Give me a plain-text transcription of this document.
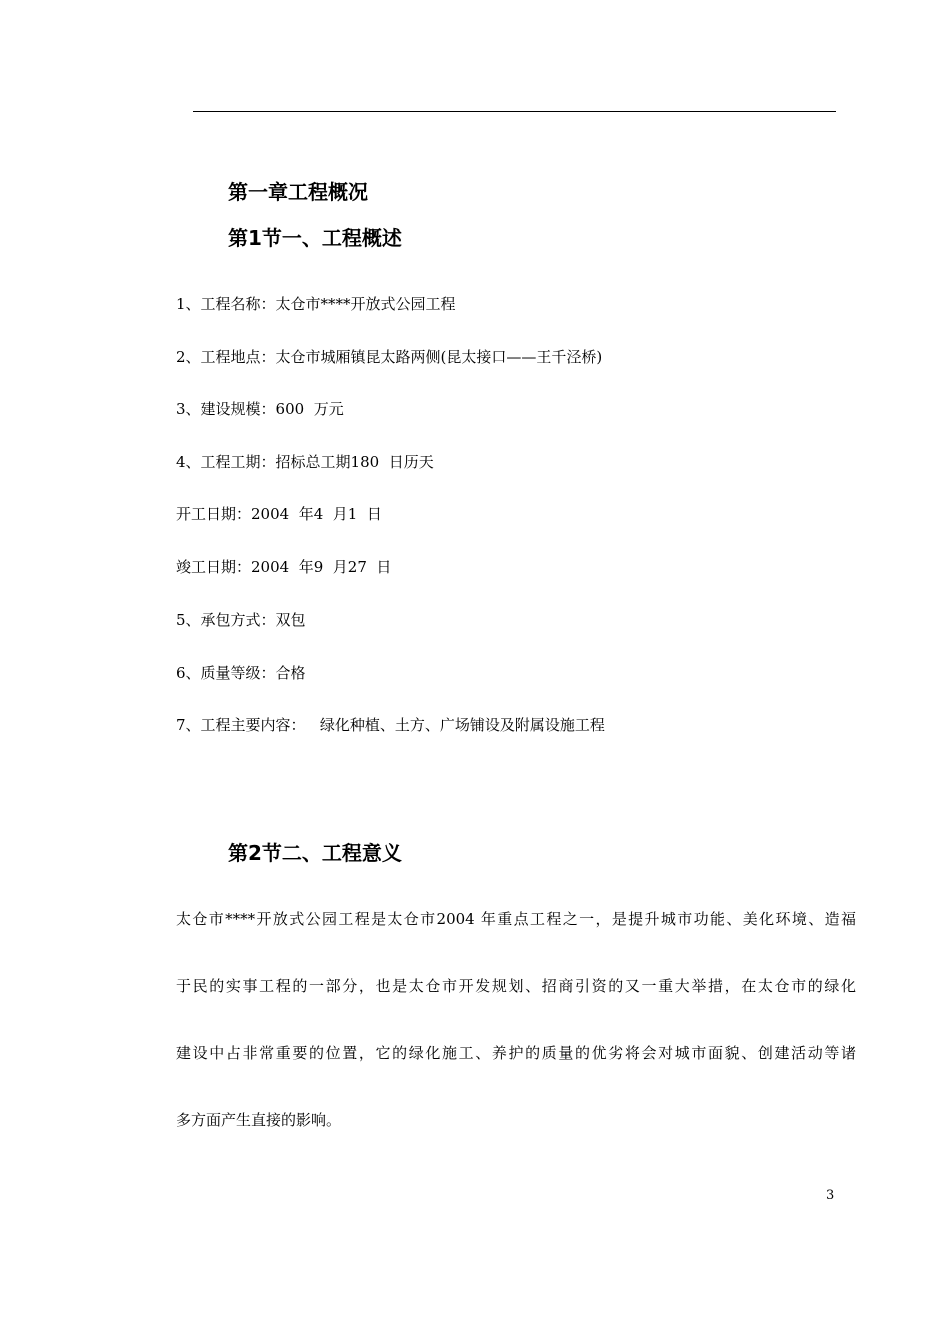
第一章工程概况
第1节一、工程概述

1、工程名称：太仓市****开放式公园工程

2、工程地点：太仓市城厢镇昆太路两侧(昆太接口——王千泾桥)

3、建设规模：600  万元

4、工程工期：招标总工期180  日历天

开工日期：2004  年4  月1  日

竣工日期：2004  年9  月27  日

5、承包方式：双包

6、质量等级：合格

7、工程主要内容：   绿化种植、土方、广场铺设及附属设施工程

第2节二、工程意义

太仓市****开放式公园工程是太仓市2004 年重点工程之一，是提升城市功能、美化环境、造福

于民的实事工程的一部分，也是太仓市开发规划、招商引资的又一重大举措，在太仓市的绿化

建设中占非常重要的位置，它的绿化施工、养护的质量的优劣将会对城市面貌、创建活动等诸

多方面产生直接的影响。

3
